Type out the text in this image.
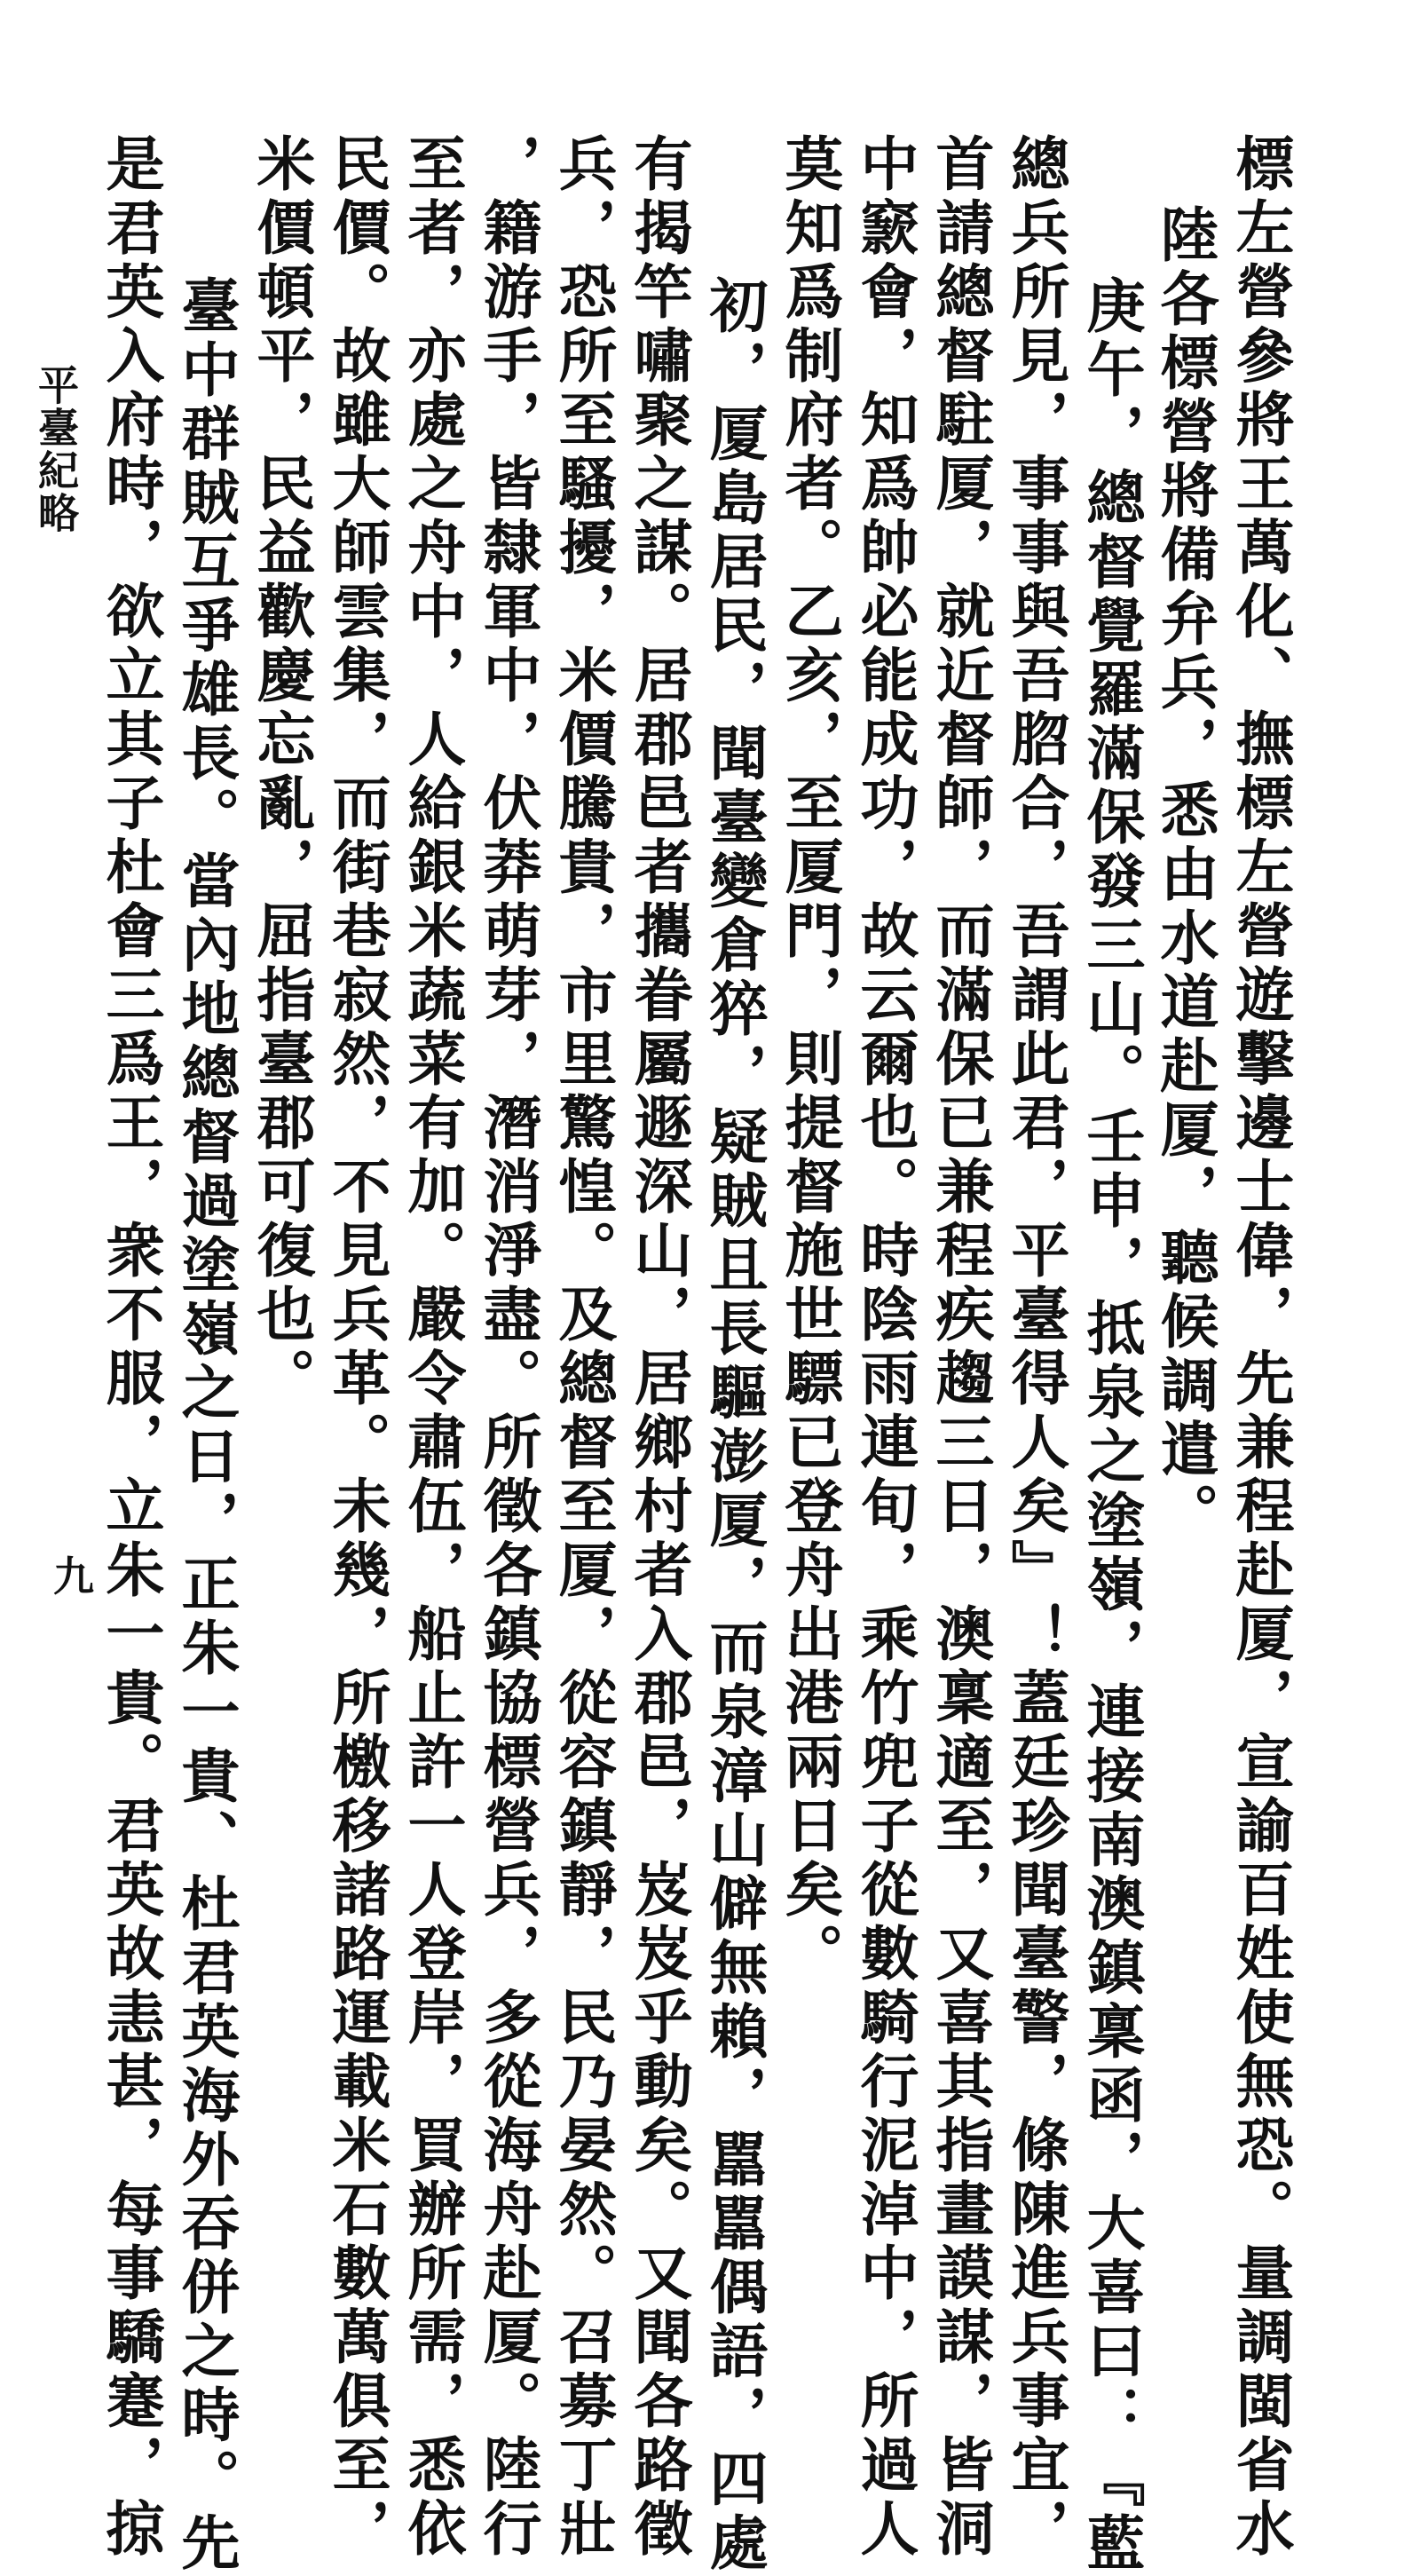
標左營參將王萬化、撫標左營遊擊邊士偉，先兼程赴厦，宣諭百姓使無恐。量調閩省水
陸各標營將備弁兵，悉由水道赴厦，聽候調遣。
庚午，總督覺羅滿保發三山。壬申，抵泉之塗嶺，連接南澳鎮稟函，大喜曰：『藍
總兵所見，事事與吾脗合，吾謂此君，平臺得人矣』！蓋廷珍聞臺警，條陳進兵事宜，
首請總督駐厦，就近督師，而滿保已兼程疾趨三日，澳稟適至，又喜其指畫謨謀，皆洞
中窾會，知爲帥必能成功，故云爾也。時陰雨連旬，乘竹兜子從數騎行泥淖中，所過人
莫知爲制府者。乙亥，至厦門，則提督施世驃已登舟出港兩日矣。
初，厦島居民，聞臺變倉猝，疑賊且長驅澎厦，而泉漳山僻無賴，嚚嚚偶語，四處
有揭竿嘯聚之謀。居郡邑者攜眷屬遯深山，居鄉村者入郡邑，岌岌乎動矣。又聞各路徵
兵，恐所至騷擾，米價騰貴，市里驚惶。及總督至厦，從容鎮靜，民乃晏然。召募丁壯
，籍游手，皆隸軍中，伏莽萌芽，潛消淨盡。所徵各鎮協標營兵，多從海舟赴厦。陸行
至者，亦處之舟中，人給銀米蔬菜有加。嚴令肅伍，船止許一人登岸，買辦所需，悉依
民價。故雖大師雲集，而街巷寂然，不見兵革。未幾，所檄移諸路運載米石數萬俱至，
米價頓平，民益歡慶忘亂，屈指臺郡可復也。
臺中群賊互爭雄長。當內地總督過塗嶺之日，正朱一貴、杜君英海外吞併之時。先
是君英入府時，欲立其子杜會三爲王，衆不服，立朱一貴。君英故恚甚，每事驕蹇，掠
平臺紀略
九
